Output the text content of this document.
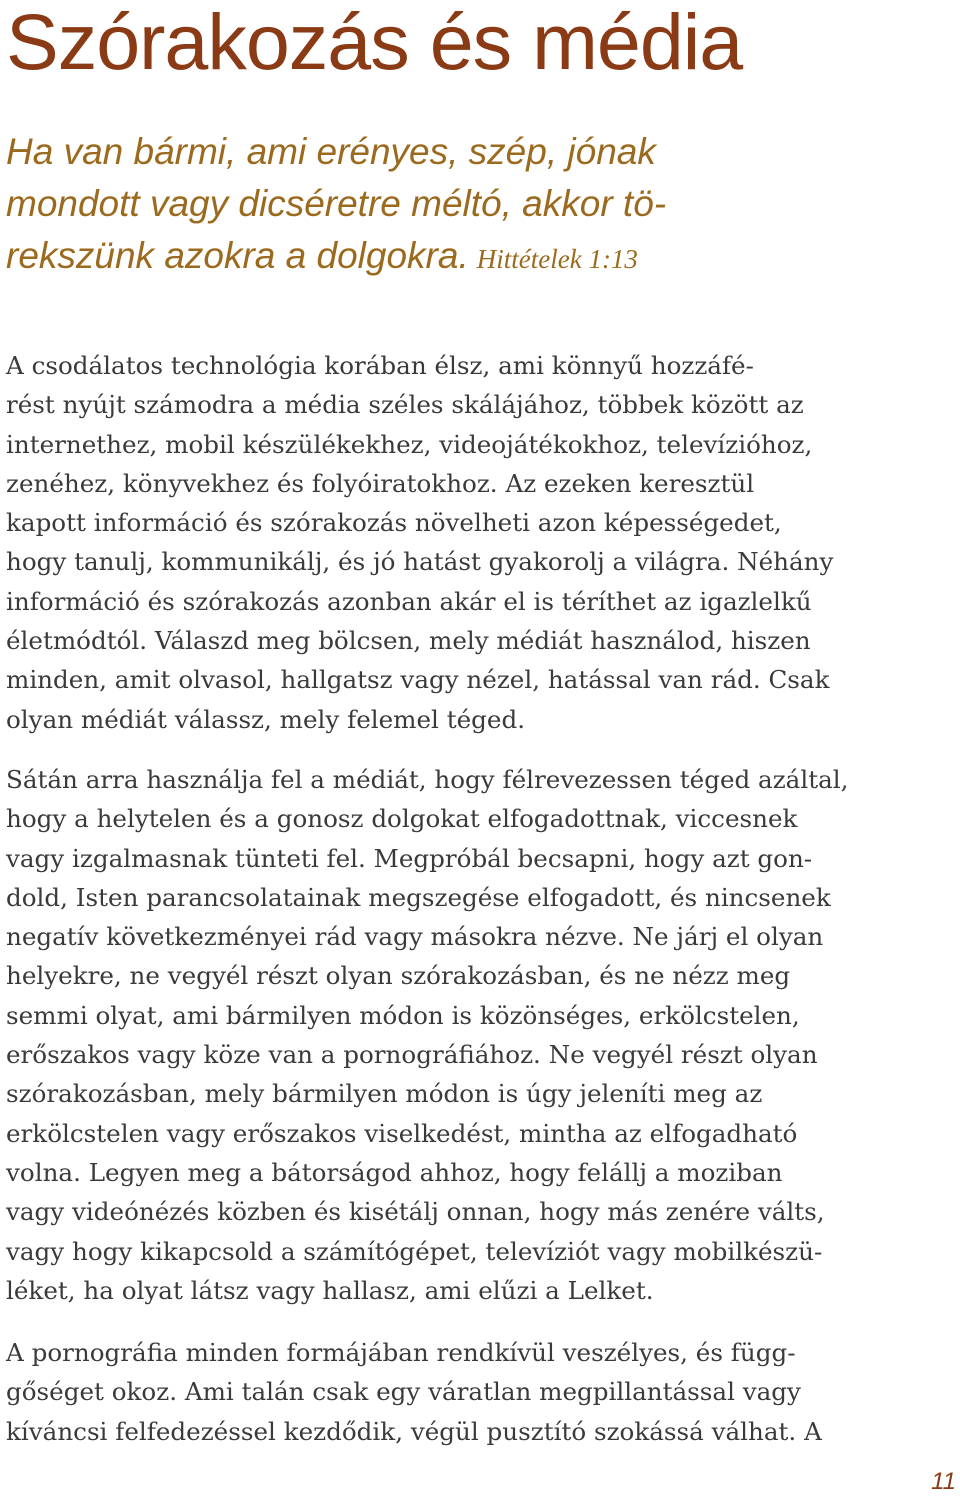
Szórakozás és média
Ha van bármi, ami erényes, szép, jónak
mondott vagy dicséretre méltó, akkor tö-
rekszünk azokra a dolgokra. Hittételek 1:13

A csodálatos technológia korában élsz, ami könnyű hozzáfé-
rést nyújt számodra a média széles skálájához, többek között az
internethez, mobil készülékekhez, videojátékokhoz, televízióhoz,
zenéhez, könyvekhez és folyóiratokhoz. Az ezeken keresztül
kapott információ és szórakozás növelheti azon képességedet,
hogy tanulj, kommunikálj, és jó hatást gyakorolj a világra. Néhány
információ és szórakozás azonban akár el is téríthet az igazlelkű
életmódtól. Válaszd meg bölcsen, mely médiát használod, hiszen
minden, amit olvasol, hallgatsz vagy nézel, hatással van rád. Csak
olyan médiát válassz, mely felemel téged.

Sátán arra használja fel a médiát, hogy félrevezessen téged azáltal,
hogy a helytelen és a gonosz dolgokat elfogadottnak, viccesnek
vagy izgalmasnak tünteti fel. Megpróbál becsapni, hogy azt gon-
dold, Isten parancsolatainak megszegése elfogadott, és nincsenek
negatív következményei rád vagy másokra nézve. Ne járj el olyan
helyekre, ne vegyél részt olyan szórakozásban, és ne nézz meg
semmi olyat, ami bármilyen módon is közönséges, erkölcstelen,
erőszakos vagy köze van a pornográfiához. Ne vegyél részt olyan
szórakozásban, mely bármilyen módon is úgy jeleníti meg az
erkölcstelen vagy erőszakos viselkedést, mintha az elfogadható
volna. Legyen meg a bátorságod ahhoz, hogy felállj a moziban
vagy videónézés közben és kisétálj onnan, hogy más zenére válts,
vagy hogy kikapcsold a számítógépet, televíziót vagy mobilkészü-
léket, ha olyat látsz vagy hallasz, ami elűzi a Lelket.

A pornográfia minden formájában rendkívül veszélyes, és függ-
gőséget okoz. Ami talán csak egy váratlan megpillantással vagy
kíváncsi felfedezéssel kezdődik, végül pusztító szokássá válhat. A

11
